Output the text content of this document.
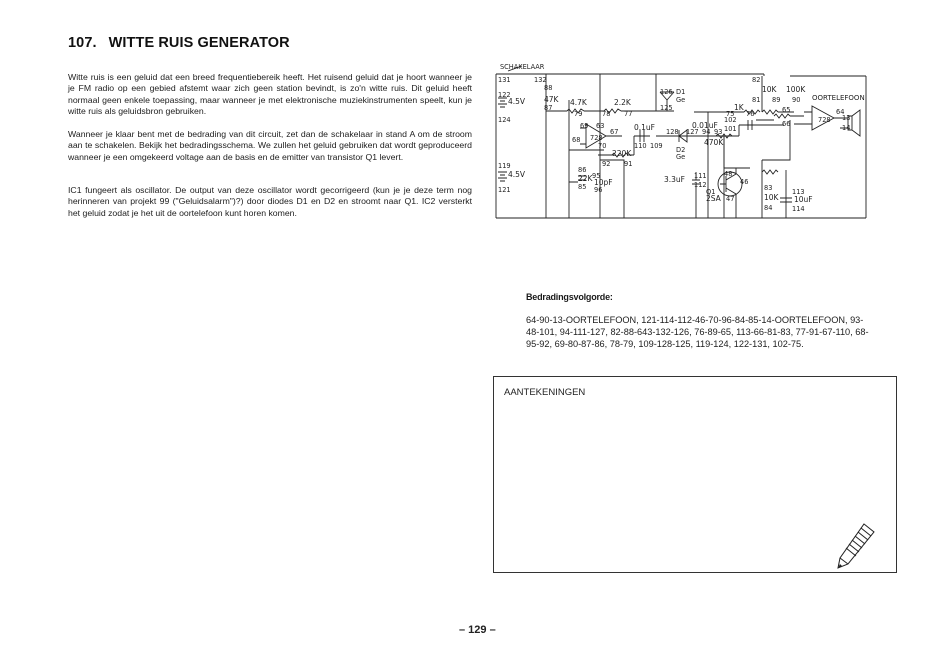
107. WITTE RUIS GENERATOR

Witte ruis is een geluid dat een breed frequentiebereik heeft. Het ruisend geluid dat je hoort wanneer je je FM radio op een gebied afstemt waar zich geen station bevindt, is zo'n witte ruis. Dit geluid heeft normaal geen enkele toepassing, maar wanneer je met elektronische muziekinstrumenten speelt, kun je witte ruis als geluidsbron gebruiken.

Wanneer je klaar bent met de bedrading van dit circuit, zet dan de schakelaar in stand A om de stroom aan te schakelen. Bekijk het bedradingsschema. We zullen het geluid gebruiken dat wordt geproduceerd wanneer je een omgekeerd voltage aan de basis en de emitter van transistor Q1 levert.

IC1 fungeert als oscillator. De output van deze oscillator wordt gecorrigeerd (kun je je deze term nog herinneren van projekt 99 ("Geluidsalarm")?) door diodes D1 en D2 en stroomt naar Q1. IC2 versterkt het geluid zodat je het uit de oortelefoon kunt horen komen.

SCHAKELAAR
131	132
122
4.5V
124
119
4.5V
121
88
47K
87
4.7K
79	78
2.2K
77
69 63
728
67
68
70
220K
92 91
0.1uF
110 109
126 D1
Ge
125
128 127
D2
Ge
0.01uF
94 93
470K
102
101
3.3uF 111
112
48
46
Q1
2SA 47
86
22K
85
95
10pF
96
82
10K 100K
OORTELEFOON
81 89 90
1K
75 76	65
728
64
66
13
14
83
10K
84
113
10uF
114
Bedradingsvolgorde:

64-90-13-OORTELEFOON, 121-114-112-46-70-96-84-85-14-OORTELEFOON, 93-48-101, 94-111-127, 82-88-643-132-126, 76-89-65, 113-66-81-83, 77-91-67-110, 68-95-92, 69-80-87-86, 78-79, 109-128-125, 119-124, 122-131, 102-75.

AANTEKENINGEN
– 129 –
